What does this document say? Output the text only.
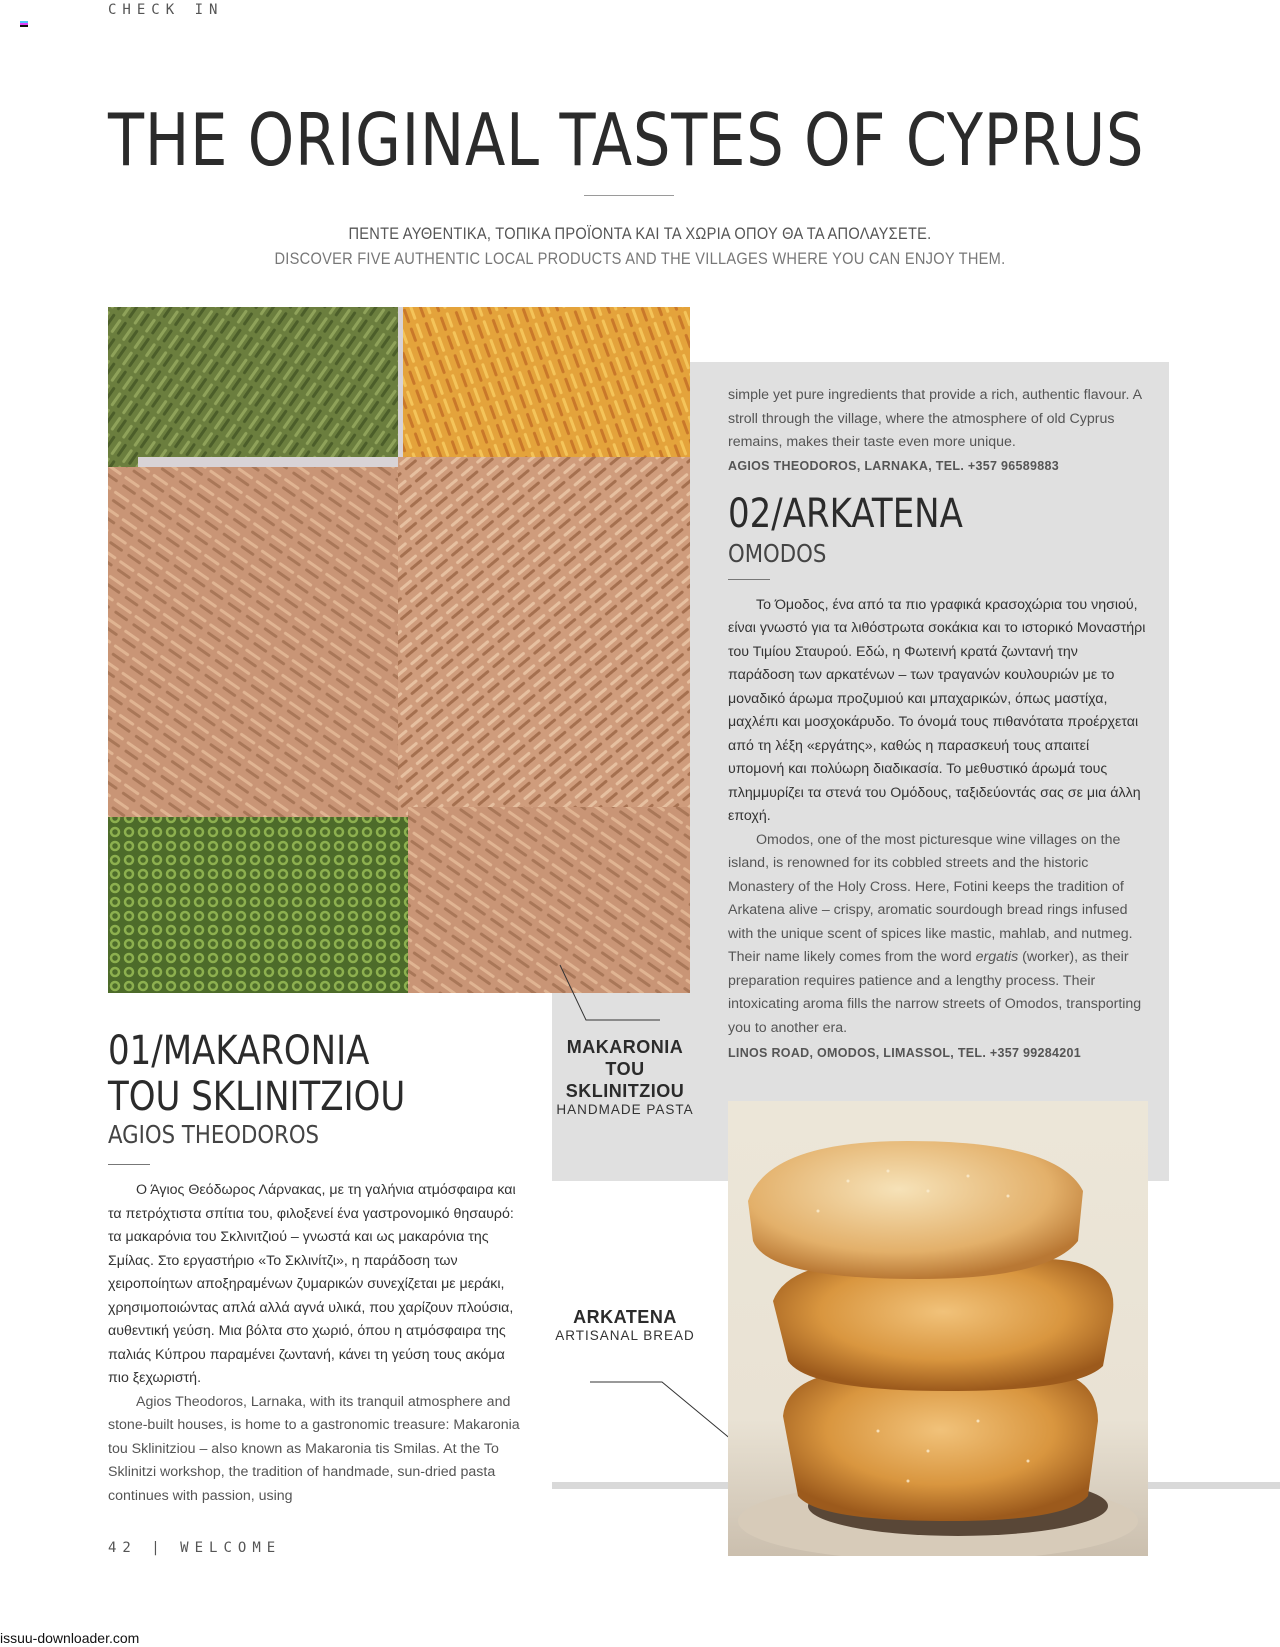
CHECK IN
THE ORIGINAL TASTES OF CYPRUS
ΠΕΝΤΕ ΑΥΘΕΝΤΙΚΑ, ΤΟΠΙΚΑ ΠΡΟΪΟΝΤΑ ΚΑΙ ΤΑ ΧΩΡΙΑ ΟΠΟΥ ΘΑ ΤΑ ΑΠΟΛΑΥΣΕΤΕ.
DISCOVER FIVE AUTHENTIC LOCAL PRODUCTS AND THE VILLAGES WHERE YOU CAN ENJOY THEM.

simple yet pure ingredients that provide a rich, authentic flavour. A stroll through the village, where the atmosphere of old Cyprus remains, makes their taste even more unique.

AGIOS THEODOROS, LARNAKA, TEL. +357 96589883
02/ARKATENA
OMODOS

Το Όμοδος, ένα από τα πιο γραφικά κρασοχώρια του νησιού, είναι γνωστό για τα λιθόστρωτα σοκάκια και το ιστορικό Μοναστήρι του Τιμίου Σταυρού. Εδώ, η Φωτεινή κρατά ζωντανή την παράδοση των αρκατένων – των τραγανών κουλουριών με το μοναδικό άρωμα προζυμιού και μπαχαρικών, όπως μαστίχα, μαχλέπι και μοσχοκάρυδο. Το όνομά τους πιθανότατα προέρχεται από τη λέξη «εργάτης», καθώς η παρασκευή τους απαιτεί υπομονή και πολύωρη διαδικασία. Το μεθυστικό άρωμά τους πλημμυρίζει τα στενά του Ομόδους, ταξιδεύοντάς σας σε μια άλλη εποχή.

Omodos, one of the most picturesque wine villages on the island, is renowned for its cobbled streets and the historic Monastery of the Holy Cross. Here, Fotini keeps the tradition of Arkatena alive – crispy, aromatic sourdough bread rings infused with the unique scent of spices like mastic, mahlab, and nutmeg. Their name likely comes from the word ergatis (worker), as their preparation requires patience and a lengthy process. Their intoxicating aroma fills the narrow streets of Omodos, transporting you to another era.

LINOS ROAD, OMODOS, LIMASSOL, TEL. +357 99284201
01/MAKARONIA
TOU SKLINITZIOU
AGIOS THEODOROS

Ο Άγιος Θεόδωρος Λάρνακας, με τη γαλήνια ατμόσφαιρα και τα πετρόχτιστα σπίτια του, φιλοξενεί ένα γαστρονομικό θησαυρό: τα μακαρόνια του Σκλινιτζιού – γνωστά και ως μακαρόνια της Σμίλας. Στο εργαστήριο «Το Σκλινίτζι», η παράδοση των χειροποίητων αποξηραμένων ζυμαρικών συνεχίζεται με μεράκι, χρησιμοποιώντας απλά αλλά αγνά υλικά, που χαρίζουν πλούσια, αυθεντική γεύση. Μια βόλτα στο χωριό, όπου η ατμόσφαιρα της παλιάς Κύπρου παραμένει ζωντανή, κάνει τη γεύση τους ακόμα πιο ξεχωριστή.

Agios Theodoros, Larnaka, with its tranquil atmosphere and stone-built houses, is home to a gastronomic treasure: Makaronia tou Sklinitziou – also known as Makaronia tis Smilas. At the To Sklinitzi workshop, the tradition of handmade, sun-dried pasta continues with passion, using

MAKARONIA TOU SKLINITZIOU
HANDMADE PASTA
ARKATENA
ARTISANAL BREAD
42 | WELCOME
issuu-downloader.com
